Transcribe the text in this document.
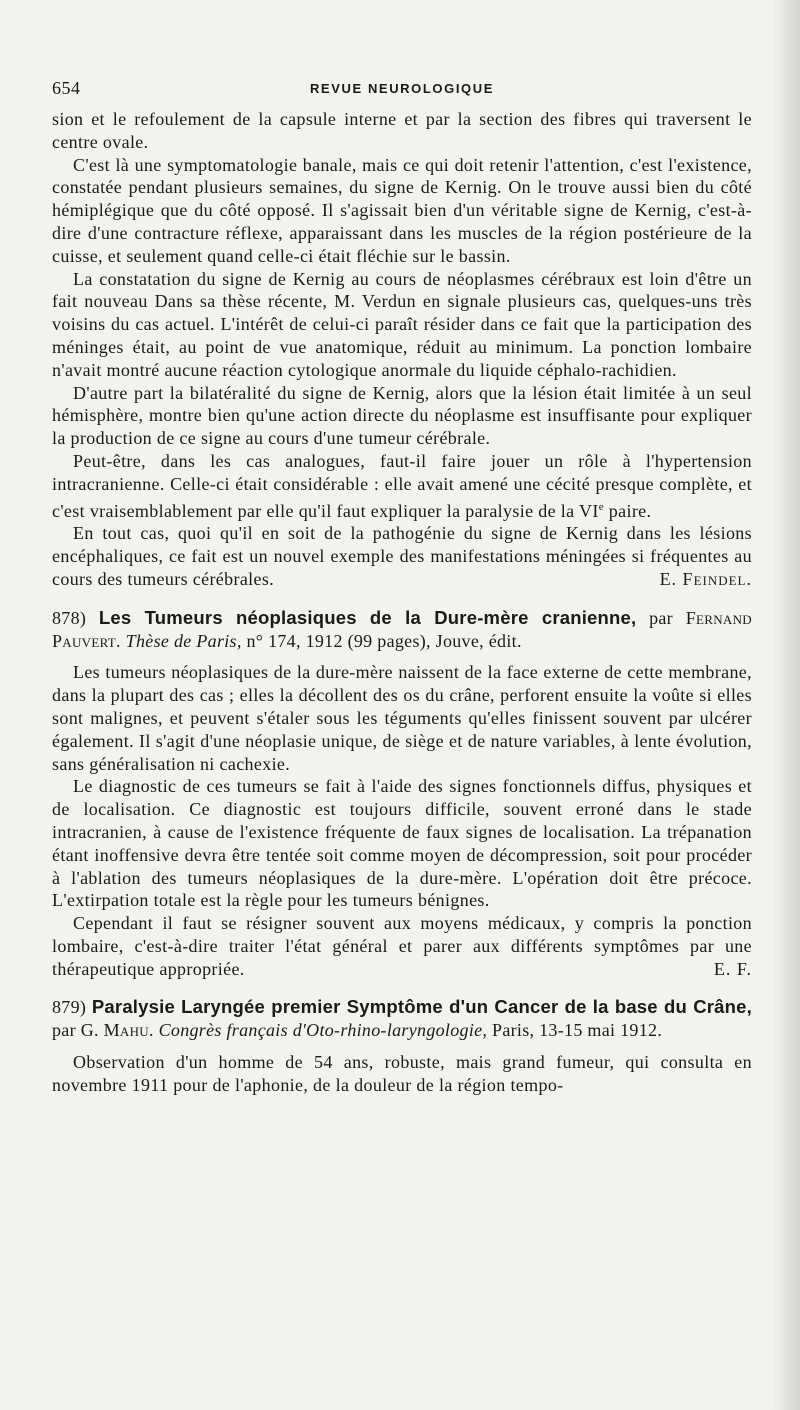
654	REVUE NEUROLOGIQUE

sion et le refoulement de la capsule interne et par la section des fibres qui traversent le centre ovale.

C'est là une symptomatologie banale, mais ce qui doit retenir l'attention, c'est l'existence, constatée pendant plusieurs semaines, du signe de Kernig. On le trouve aussi bien du côté hémiplégique que du côté opposé. Il s'agissait bien d'un véritable signe de Kernig, c'est-à-dire d'une contracture réflexe, apparaissant dans les muscles de la région postérieure de la cuisse, et seulement quand celle-ci était fléchie sur le bassin.

La constatation du signe de Kernig au cours de néoplasmes cérébraux est loin d'être un fait nouveau Dans sa thèse récente, M. Verdun en signale plusieurs cas, quelques-uns très voisins du cas actuel. L'intérêt de celui-ci paraît résider dans ce fait que la participation des méninges était, au point de vue anatomique, réduit au minimum. La ponction lombaire n'avait montré aucune réaction cytologique anormale du liquide céphalo-rachidien.

D'autre part la bilatéralité du signe de Kernig, alors que la lésion était limitée à un seul hémisphère, montre bien qu'une action directe du néoplasme est insuffisante pour expliquer la production de ce signe au cours d'une tumeur cérébrale.

Peut-être, dans les cas analogues, faut-il faire jouer un rôle à l'hypertension intracranienne. Celle-ci était considérable : elle avait amené une cécité presque complète, et c'est vraisemblablement par elle qu'il faut expliquer la paralysie de la VIe paire.

En tout cas, quoi qu'il en soit de la pathogénie du signe de Kernig dans les lésions encéphaliques, ce fait est un nouvel exemple des manifestations méningées si fréquentes au cours des tumeurs cérébrales.	E. Feindel.

878) Les Tumeurs néoplasiques de la Dure-mère cranienne, par Fernand Pauvert. Thèse de Paris, n° 174, 1912 (99 pages), Jouve, édit.

Les tumeurs néoplasiques de la dure-mère naissent de la face externe de cette membrane, dans la plupart des cas ; elles la décollent des os du crâne, perforent ensuite la voûte si elles sont malignes, et peuvent s'étaler sous les téguments qu'elles finissent souvent par ulcérer également. Il s'agit d'une néoplasie unique, de siège et de nature variables, à lente évolution, sans généralisation ni cachexie.

Le diagnostic de ces tumeurs se fait à l'aide des signes fonctionnels diffus, physiques et de localisation. Ce diagnostic est toujours difficile, souvent erroné dans le stade intracranien, à cause de l'existence fréquente de faux signes de localisation. La trépanation étant inoffensive devra être tentée soit comme moyen de décompression, soit pour procéder à l'ablation des tumeurs néoplasiques de la dure-mère. L'opération doit être précoce. L'extirpation totale est la règle pour les tumeurs bénignes.

Cependant il faut se résigner souvent aux moyens médicaux, y compris la ponction lombaire, c'est-à-dire traiter l'état général et parer aux différents symptômes par une thérapeutique appropriée.	E. F.

879) Paralysie Laryngée premier Symptôme d'un Cancer de la base du Crâne, par G. Mahu. Congrès français d'Oto-rhino-laryngologie, Paris, 13-15 mai 1912.

Observation d'un homme de 54 ans, robuste, mais grand fumeur, qui consulta en novembre 1911 pour de l'aphonie, de la douleur de la région tempo-
